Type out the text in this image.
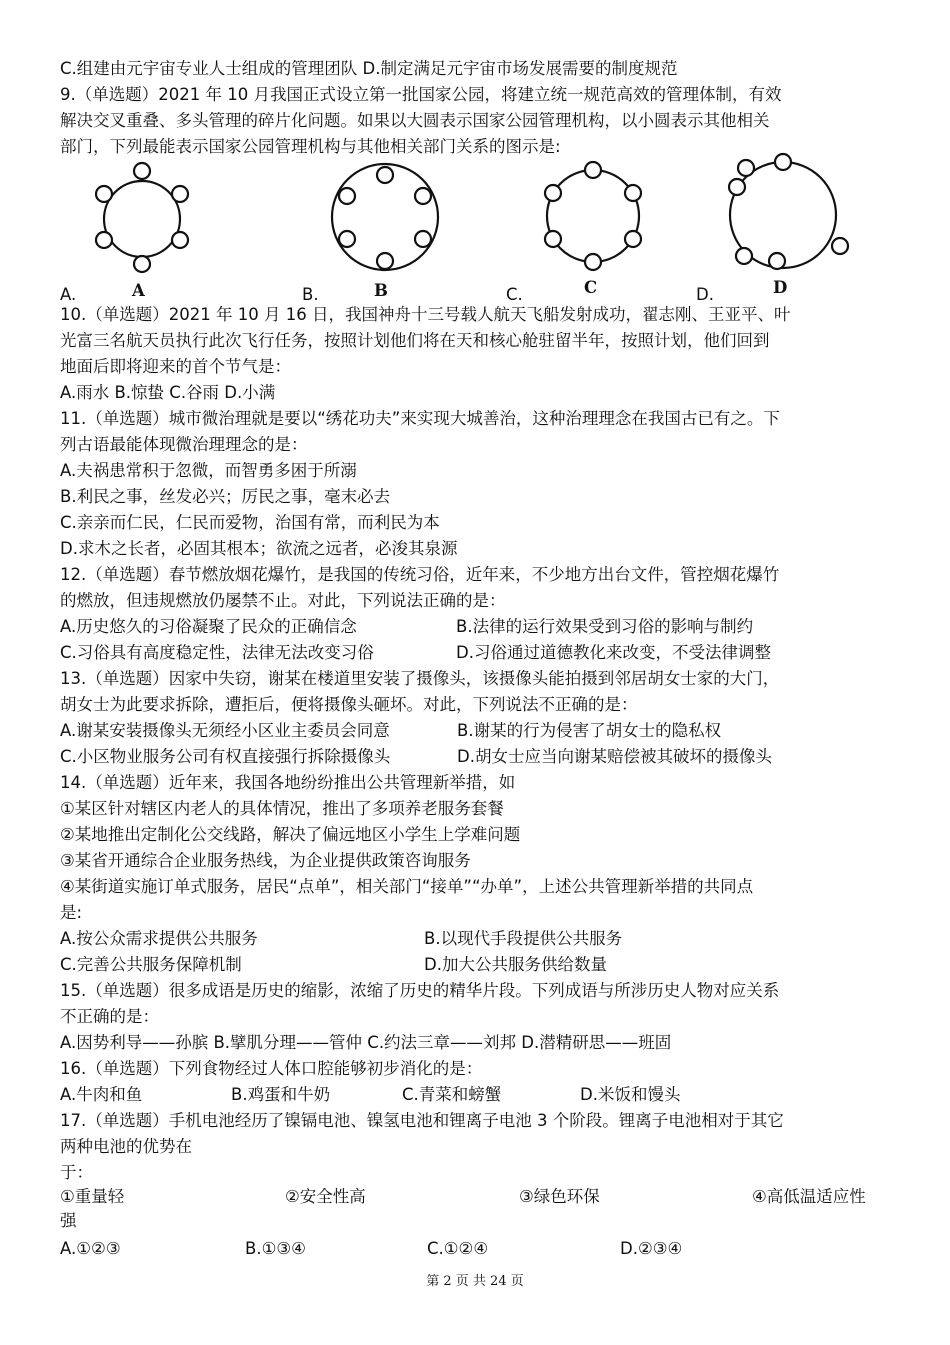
C.组建由元宇宙专业人士组成的管理团队 D.制定满足元宇宙市场发展需要的制度规范
9.（单选题）2021 年 10 月我国正式设立第一批国家公园，将建立统一规范高效的管理体制，有效
解决交叉重叠、多头管理的碎片化问题。如果以大圆表示国家公园管理机构，以小圆表示其他相关
部门，下列最能表示国家公园管理机构与其他相关部门关系的图示是:
A	B	C	D
A.	B.	C.	D.
10.（单选题）2021 年 10 月 16 日，我国神舟十三号载人航天飞船发射成功，翟志刚、王亚平、叶
光富三名航天员执行此次飞行任务，按照计划他们将在天和核心舱驻留半年，按照计划，他们回到
地面后即将迎来的首个节气是：
A.雨水 B.惊蛰 C.谷雨 D.小满
11.（单选题）城市微治理就是要以“绣花功夫”来实现大城善治，这种治理理念在我国古已有之。下
列古语最能体现微治理理念的是：
A.夫祸患常积于忽微，而智勇多困于所溺
B.利民之事，丝发必兴；厉民之事，毫末必去
C.亲亲而仁民，仁民而爱物，治国有常，而利民为本
D.求木之长者，必固其根本；欲流之远者，必浚其泉源
12.（单选题）春节燃放烟花爆竹，是我国的传统习俗，近年来，不少地方出台文件，管控烟花爆竹
的燃放，但违规燃放仍屡禁不止。对此，下列说法正确的是：
A.历史悠久的习俗凝聚了民众的正确信念	B.法律的运行效果受到习俗的影响与制约
C.习俗具有高度稳定性，法律无法改变习俗	D.习俗通过道德教化来改变，不受法律调整
13.（单选题）因家中失窃，谢某在楼道里安装了摄像头，该摄像头能拍摄到邻居胡女士家的大门，
胡女士为此要求拆除，遭拒后，便将摄像头砸坏。对此，下列说法不正确的是：
A.谢某安装摄像头无须经小区业主委员会同意	B.谢某的行为侵害了胡女士的隐私权
C.小区物业服务公司有权直接强行拆除摄像头	D.胡女士应当向谢某赔偿被其破坏的摄像头
14.（单选题）近年来，我国各地纷纷推出公共管理新举措，如
①某区针对辖区内老人的具体情况，推出了多项养老服务套餐
②某地推出定制化公交线路，解决了偏远地区小学生上学难问题
③某省开通综合企业服务热线，为企业提供政策咨询服务
④某街道实施订单式服务，居民“点单”，相关部门“接单”“办单”，上述公共管理新举措的共同点
是:
A.按公众需求提供公共服务	B.以现代手段提供公共服务
C.完善公共服务保障机制	D.加大公共服务供给数量
15.（单选题）很多成语是历史的缩影，浓缩了历史的精华片段。下列成语与所涉历史人物对应关系
不正确的是：
A.因势利导——孙膑 B.擘肌分理——管仲 C.约法三章——刘邦 D.潜精研思——班固
16.（单选题）下列食物经过人体口腔能够初步消化的是：
A.牛肉和鱼	B.鸡蛋和牛奶	C.青菜和螃蟹	D.米饭和馒头
17.（单选题）手机电池经历了镍镉电池、镍氢电池和锂离子电池 3 个阶段。锂离子电池相对于其它
两种电池的优势在
于：
①重量轻	②安全性高	③绿色环保	④高低温适应性
强
A.①②③	B.①③④	C.①②④	D.②③④
第 2 页 共 24 页
